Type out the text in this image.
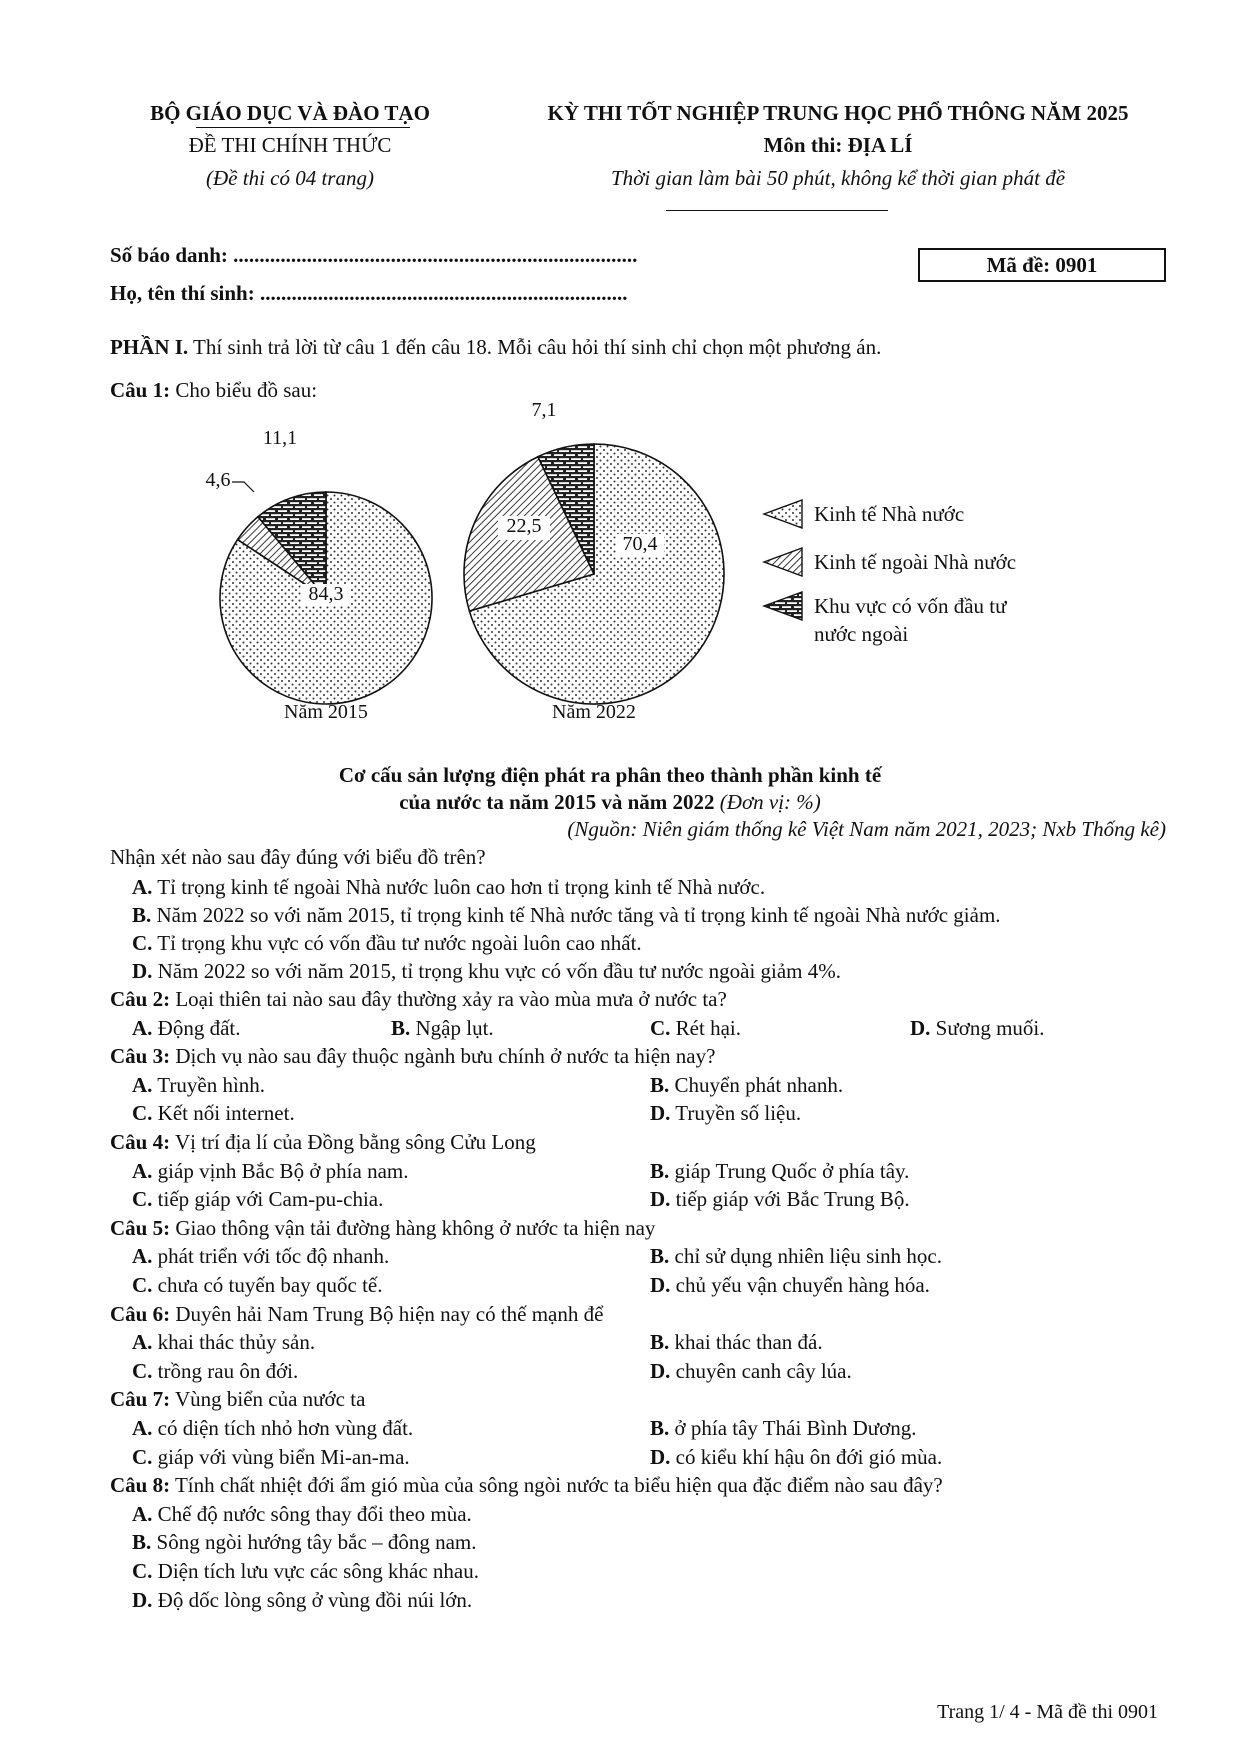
BỘ GIÁO DỤC VÀ ĐÀO TẠO
ĐỀ THI CHÍNH THỨC
(Đề thi có 04 trang)
KỲ THI TỐT NGHIỆP TRUNG HỌC PHỔ THÔNG NĂM 2025
Môn thi: ĐỊA LÍ
Thời gian làm bài 50 phút, không kể thời gian phát đề
Số báo danh: .............................................................................
Họ, tên thí sinh: ......................................................................
Mã đề: 0901
PHẦN I. Thí sinh trả lời từ câu 1 đến câu 18. Mỗi câu hỏi thí sinh chỉ chọn một phương án.
Câu 1: Cho biểu đồ sau:
84,3
4,6
11,1
Năm 2015
70,4
22,5
7,1
Năm 2022
Kinh tế Nhà nước
Kinh tế ngoài Nhà nước
Khu vực có vốn đầu tư
nước ngoài
Cơ cấu sản lượng điện phát ra phân theo thành phần kinh tế
của nước ta năm 2015 và năm 2022 (Đơn vị: %)
(Nguồn: Niên giám thống kê Việt Nam năm 2021, 2023; Nxb Thống kê)
Nhận xét nào sau đây đúng với biểu đồ trên?
A. Tỉ trọng kinh tế ngoài Nhà nước luôn cao hơn tỉ trọng kinh tế Nhà nước.
B. Năm 2022 so với năm 2015, tỉ trọng kinh tế Nhà nước tăng và tỉ trọng kinh tế ngoài Nhà nước giảm.
C. Tỉ trọng khu vực có vốn đầu tư nước ngoài luôn cao nhất.
D. Năm 2022 so với năm 2015, tỉ trọng khu vực có vốn đầu tư nước ngoài giảm 4%.
Câu 2: Loại thiên tai nào sau đây thường xảy ra vào mùa mưa ở nước ta?
A. Động đất.	B. Ngập lụt.	C. Rét hại.	D. Sương muối.
Câu 3: Dịch vụ nào sau đây thuộc ngành bưu chính ở nước ta hiện nay?
A. Truyền hình.	B. Chuyển phát nhanh.
C. Kết nối internet.	D. Truyền số liệu.
Câu 4: Vị trí địa lí của Đồng bằng sông Cửu Long
A. giáp vịnh Bắc Bộ ở phía nam.	B. giáp Trung Quốc ở phía tây.
C. tiếp giáp với Cam-pu-chia.	D. tiếp giáp với Bắc Trung Bộ.
Câu 5: Giao thông vận tải đường hàng không ở nước ta hiện nay
A. phát triển với tốc độ nhanh.	B. chỉ sử dụng nhiên liệu sinh học.
C. chưa có tuyến bay quốc tế.	D. chủ yếu vận chuyển hàng hóa.
Câu 6: Duyên hải Nam Trung Bộ hiện nay có thế mạnh để
A. khai thác thủy sản.	B. khai thác than đá.
C. trồng rau ôn đới.	D. chuyên canh cây lúa.
Câu 7: Vùng biển của nước ta
A. có diện tích nhỏ hơn vùng đất.	B. ở phía tây Thái Bình Dương.
C. giáp với vùng biển Mi-an-ma.	D. có kiểu khí hậu ôn đới gió mùa.
Câu 8: Tính chất nhiệt đới ẩm gió mùa của sông ngòi nước ta biểu hiện qua đặc điểm nào sau đây?
A. Chế độ nước sông thay đổi theo mùa.
B. Sông ngòi hướng tây bắc – đông nam.
C. Diện tích lưu vực các sông khác nhau.
D. Độ dốc lòng sông ở vùng đồi núi lớn.
Trang 1/ 4 - Mã đề thi 0901
